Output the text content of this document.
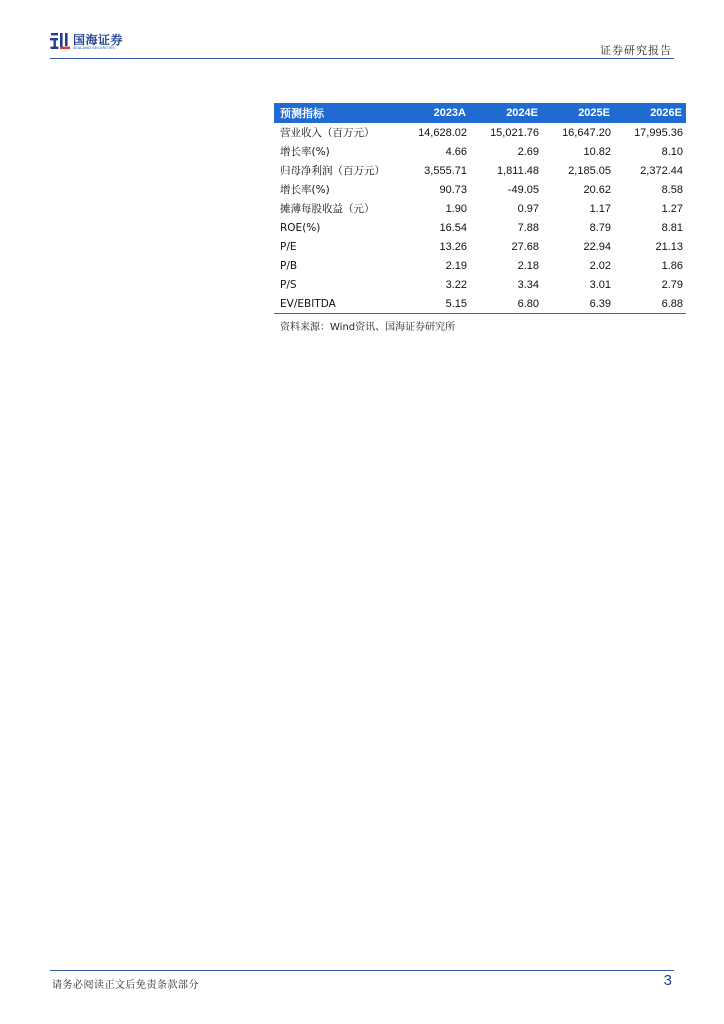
国海证券
SEALAND SECURITIES	证券研究报告
预测指标	2023A	2024E	2025E	2026E
营业收入（百万元）	14,628.02	15,021.76	16,647.20	17,995.36
增长率(%)	4.66	2.69	10.82	8.10
归母净利润（百万元）	3,555.71	1,811.48	2,185.05	2,372.44
增长率(%)	90.73	-49.05	20.62	8.58
摊薄每股收益（元）	1.90	0.97	1.17	1.27
ROE(%)	16.54	7.88	8.79	8.81
P/E	13.26	27.68	22.94	21.13
P/B	2.19	2.18	2.02	1.86
P/S	3.22	3.34	3.01	2.79
EV/EBITDA	5.15	6.80	6.39	6.88
资料来源：Wind资讯、国海证券研究所
请务必阅读正文后免责条款部分	3
